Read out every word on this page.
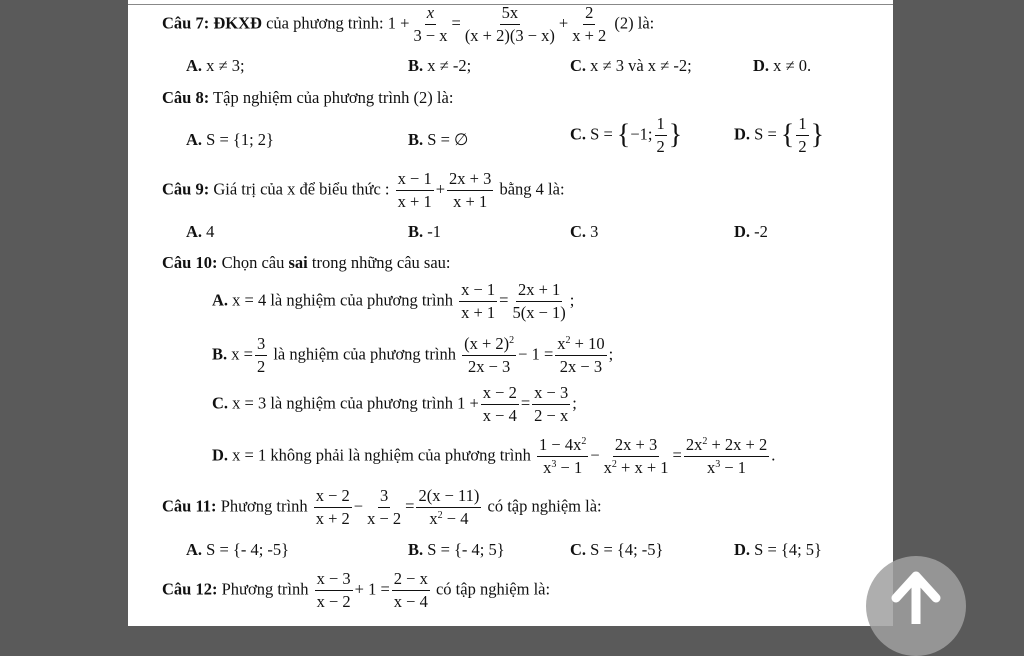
Câu 7: ĐKXĐ của phương trình: $1 + \frac{x}{3 - x} = \frac{5x}{(x + 2)(3 - x)} + \frac{2}{x + 2} (2)$ là:
A. x ≠ 3;	B. x ≠ -2;	C. x ≠ 3 và x ≠ -2;	D. x ≠ 0.
Câu 8: Tập nghiệm của phương trình (2) là:
A. S = {1; 2}	B. S = ∅	C. S = {−1; $\frac{1}{2}$ }	D. S = { $\frac{1}{2}$ }
Câu 9: Giá trị của x để biểu thức : $\frac{x - 1}{x + 1} + \frac{2x + 3}{x + 1}$ bằng 4 là:
A. 4	B. -1	C. 3	D. -2
Câu 10: Chọn câu sai trong những câu sau:
A. x = 4 là nghiệm của phương trình $\frac{x - 1}{x + 1} = \frac{2x + 1}{5(x - 1)}$ ;
B. $x = \frac{3}{2}$ là nghiệm của phương trình $\frac{(x + 2)^2}{2x - 3} - 1 = \frac{x^2 + 10}{2x - 3}$ ;
C. x = 3 là nghiệm của phương trình $1 + \frac{x - 2}{x - 4} = \frac{x - 3}{2 - x}$ ;
D. x = 1 không phải là nghiệm của phương trình $\frac{1 - 4x^2}{x^3 - 1} - \frac{2x + 3}{x^2 + x + 1} = \frac{2x^2 + 2x + 2}{x^3 - 1}$ .
Câu 11: Phương trình $\frac{x - 2}{x + 2} - \frac{3}{x - 2} = \frac{2(x - 11)}{x^2 - 4}$ có tập nghiệm là:
A. S = {- 4; -5}	B. S = {- 4; 5}	C. S = {4; -5}	D. S = {4; 5}
Câu 12: Phương trình $\frac{x - 3}{x - 2} + 1 = \frac{2 - x}{x - 4}$ có tập nghiệm là:
